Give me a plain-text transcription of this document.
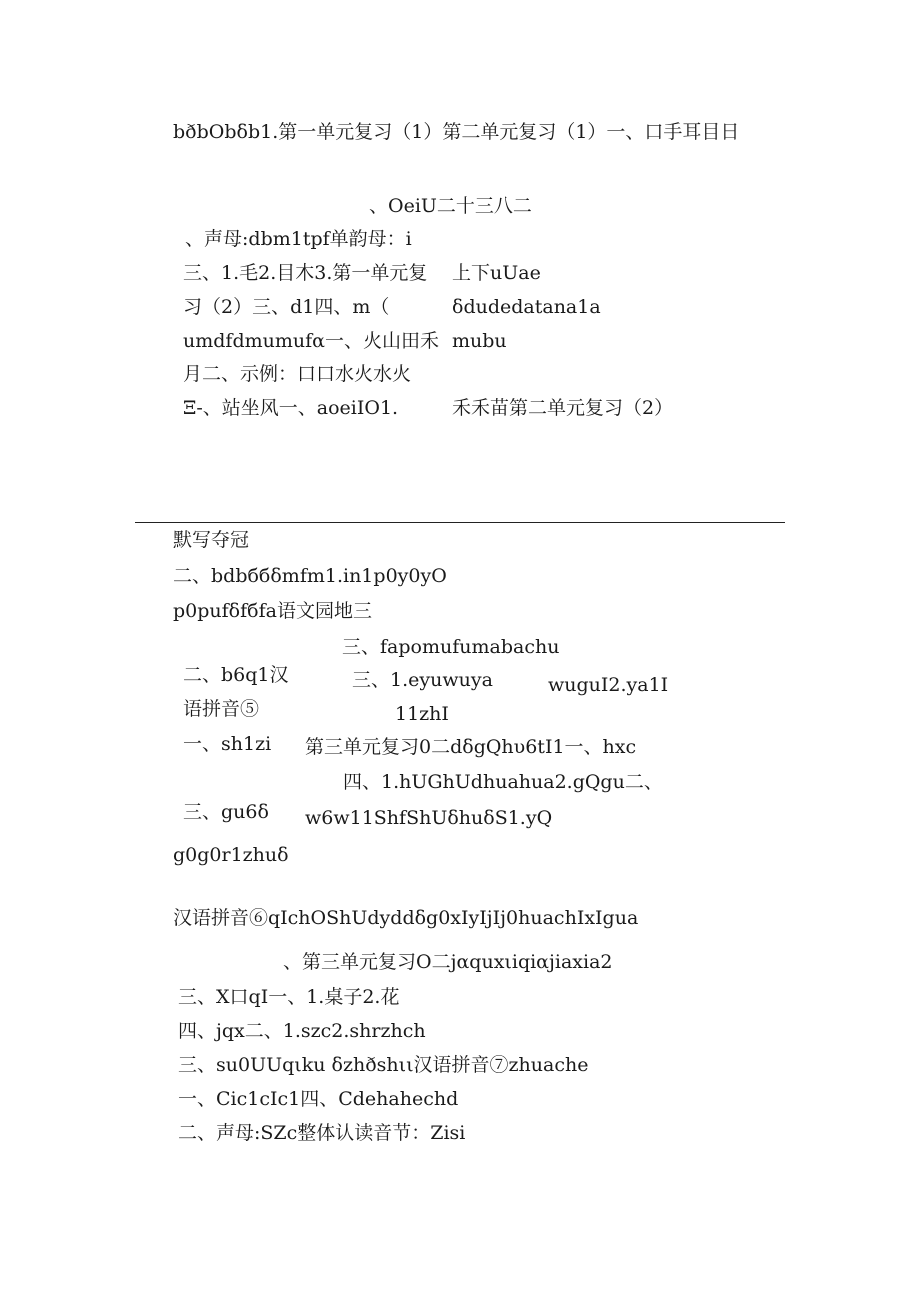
bðbObδb1.第一单元复习（1）第二单元复习（1）一、口手耳目日
、OeiU二十三八二
、声母:dbm1tpf单韵母：i
三、1.毛2.目木3.第一单元复 上下uUae
习（2）三、d1四、m（	δdudedatana1a
umdfdmumufα一、火山田禾 mubu
月二、示例：口口水火水火
Ξ-、站坐风一、aoeiIO1.	禾禾苗第二单元复习（2）
默写夺冠
二、bdbббδmfm1.in1p0y0yO
p0pufδfбfa语文园地三
三、fapomufumabachu
二、b6q1汉	三、1.eyuwuya	wuguI2.ya1I
语拼音⑤	11zhI
一、sh1zi 第三单元复习0二dδgQhυ6tI1一、hxc
四、1.hUGhUdhuahua2.gQgu二、
三、gu6δ w6w11ShfShUδhuδS1.yQ
g0g0r1zhuδ
汉语拼音⑥qIchOShUdyddδg0xIyIjIj0huachIxIgua
、第三单元复习O二jαquxιiqiαjiaxia2
三、X口qI一、1.桌子2.花
四、jqx二、1.szc2.shrzhch
三、su0UUqιku δzhðshιι汉语拼音⑦zhuache
一、Cic1cIc1四、Cdehahechd
二、声母:SZc整体认读音节：Zisi
